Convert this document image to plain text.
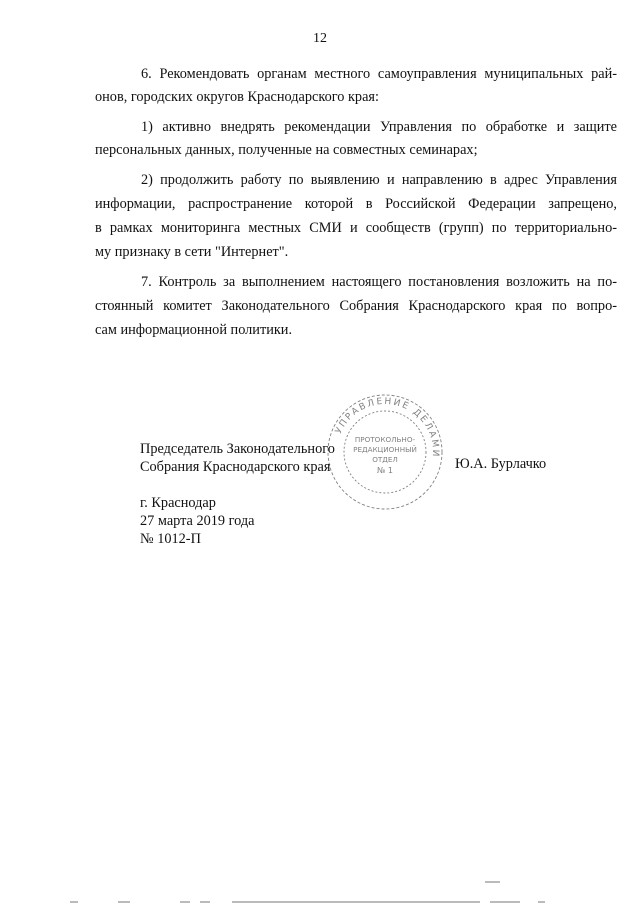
12

6. Рекомендовать органам местного самоуправления муниципальных рай-

онов, городских округов Краснодарского края:

1) активно внедрять рекомендации Управления по обработке и защите

персональных данных, полученные на совместных семинарах;

2) продолжить работу по выявлению и направлению в адрес Управления

информации, распространение которой в Российской Федерации запрещено,

в рамках мониторинга местных СМИ и сообществ (групп) по территориально-

му признаку в сети "Интернет".

7. Контроль за выполнением настоящего постановления возложить на по-

стоянный комитет Законодательного Собрания Краснодарского края по вопро-

сам информационной политики.

УПРАВЛЕНИЕ ДЕЛАМИ
ПРОТОКОЛЬНО-
РЕДАКЦИОННЫЙ
ОТДЕЛ
№ 1
Председатель Законодательного
Собрания Краснодарского края	Ю.А. Бурлачко
г. Краснодар
27 марта 2019 года
№ 1012-П
